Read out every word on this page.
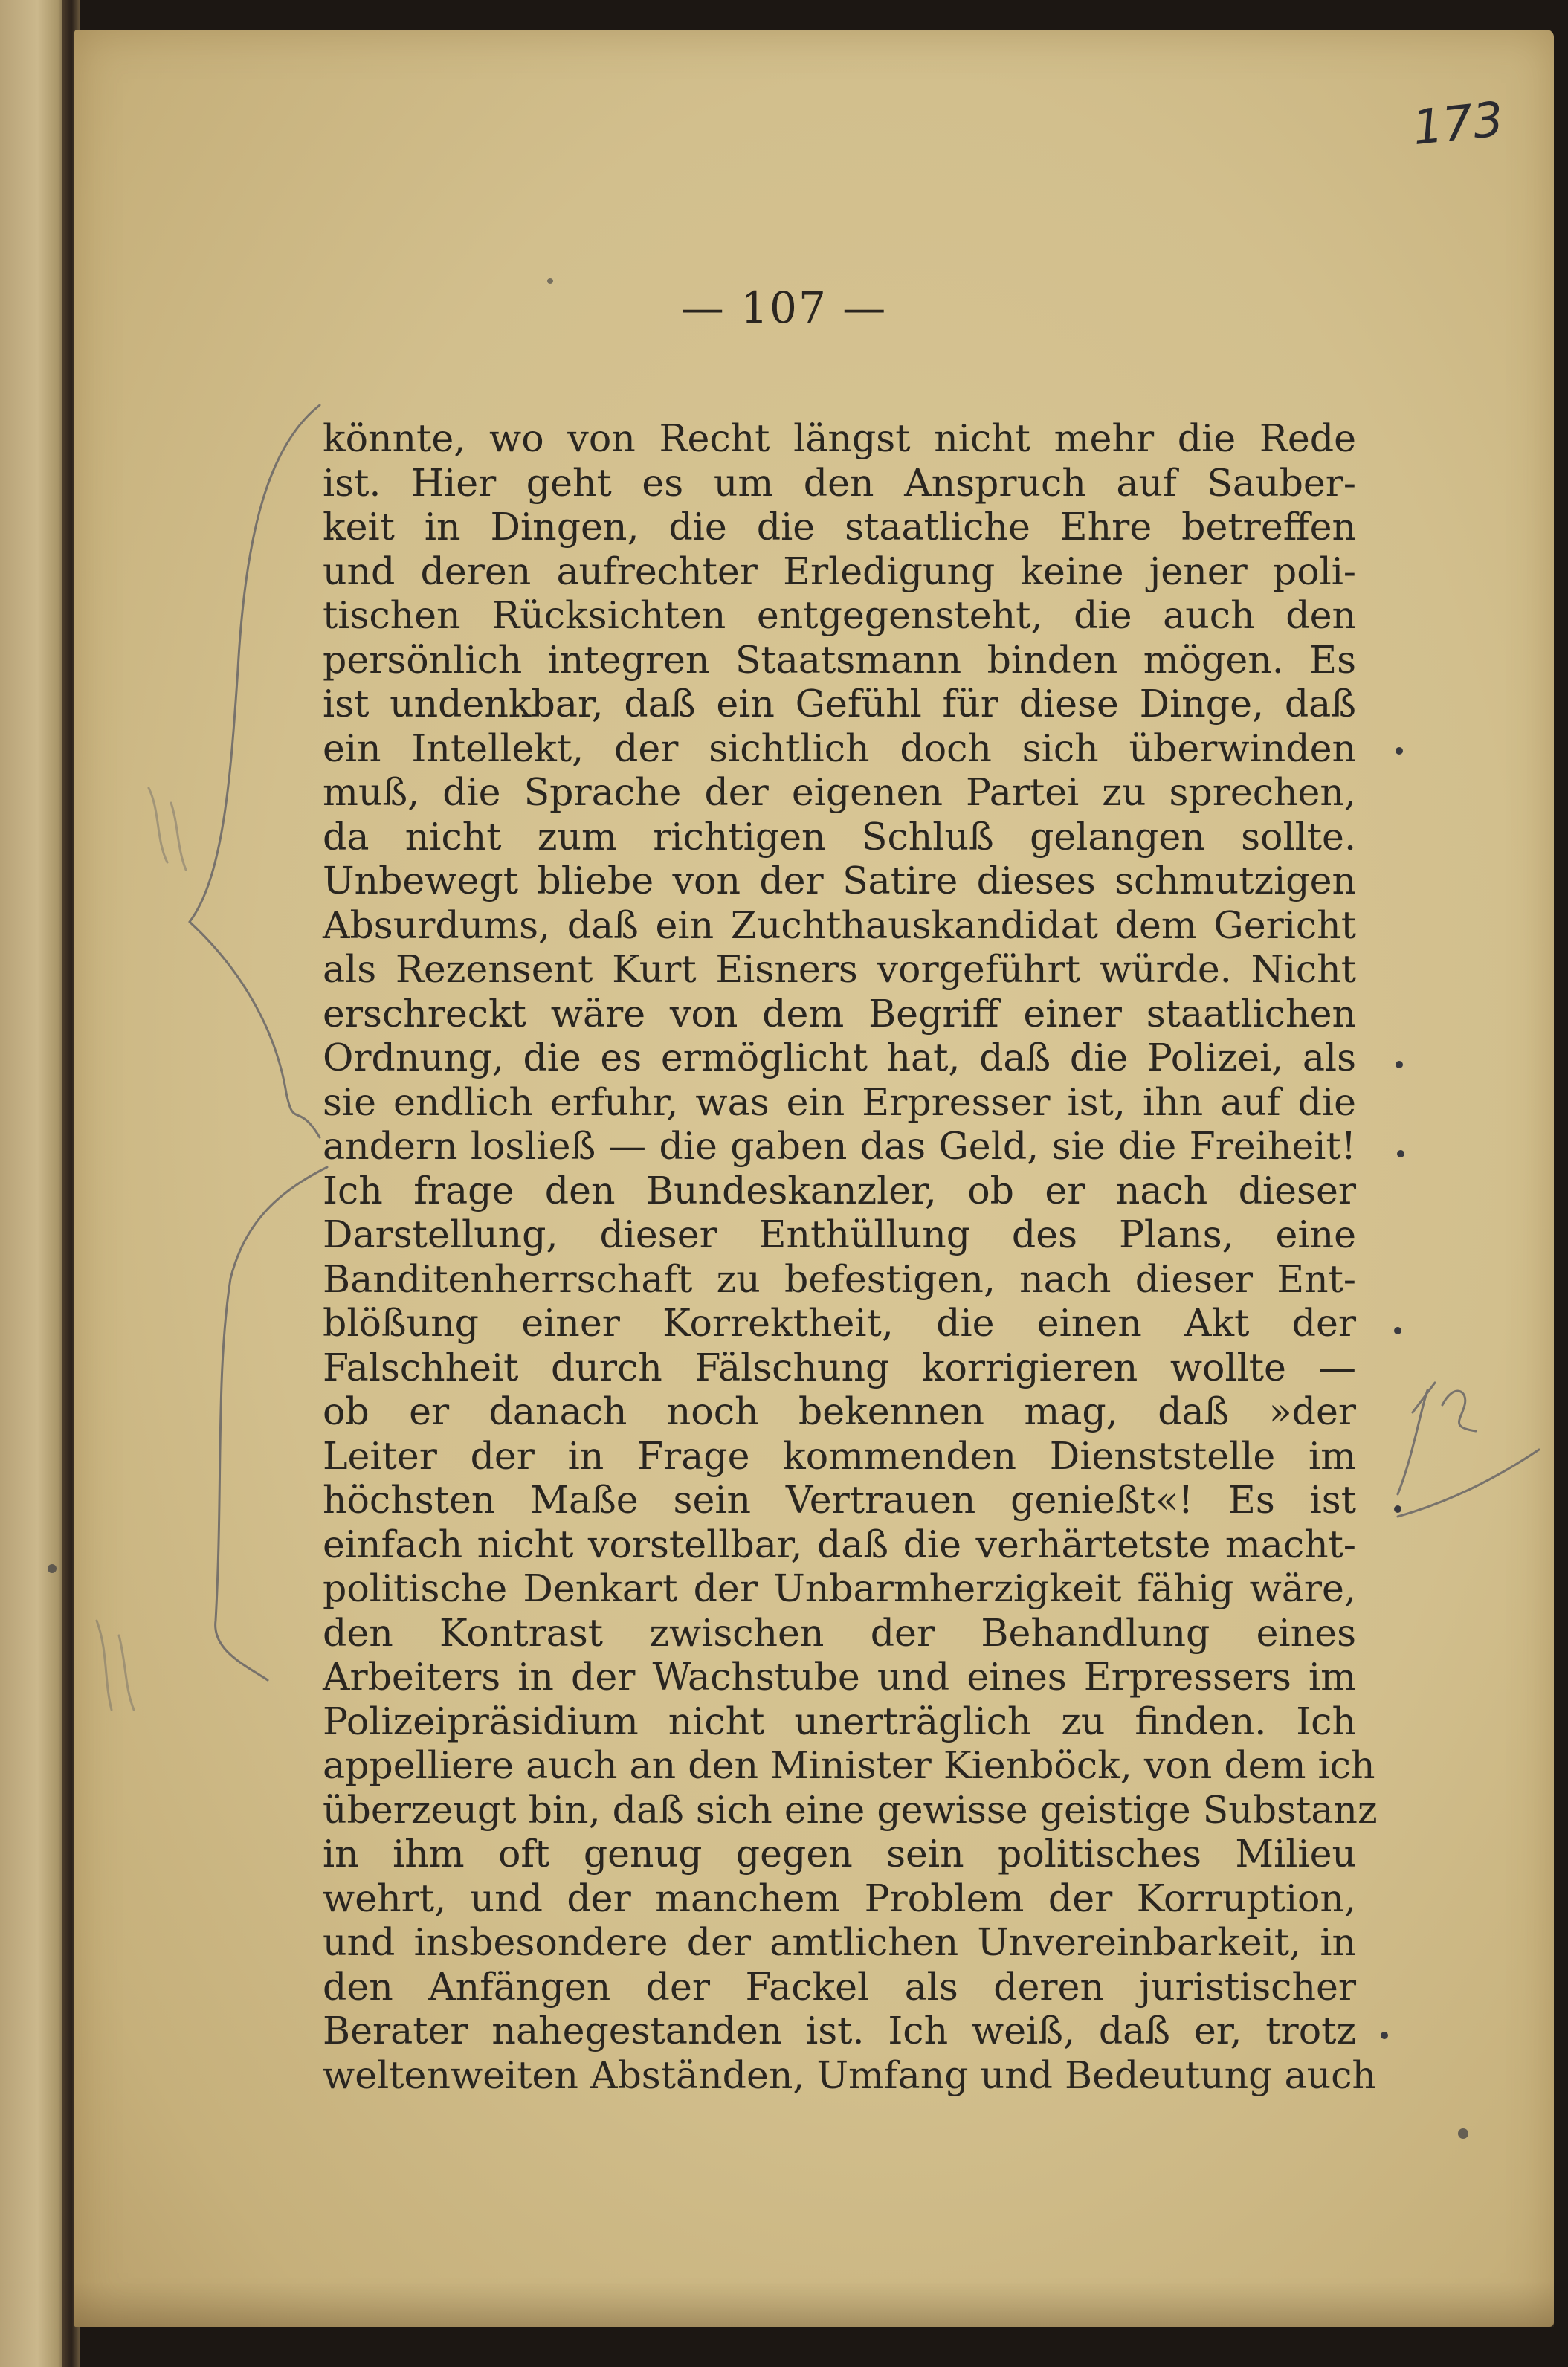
173
— 107 —
könnte, wo von Recht längst nicht mehr die Rede
ist. Hier geht es um den Anspruch auf Sauber-
keit in Dingen, die die staatliche Ehre betreffen
und deren aufrechter Erledigung keine jener poli-
tischen Rücksichten entgegensteht, die auch den
persönlich integren Staatsmann binden mögen. Es
ist undenkbar, daß ein Gefühl für diese Dinge, daß
ein Intellekt, der sichtlich doch sich überwinden
muß, die Sprache der eigenen Partei zu sprechen,
da nicht zum richtigen Schluß gelangen sollte.
Unbewegt bliebe von der Satire dieses schmutzigen
Absurdums, daß ein Zuchthauskandidat dem Gericht
als Rezensent Kurt Eisners vorgeführt würde. Nicht
erschreckt wäre von dem Begriff einer staatlichen
Ordnung, die es ermöglicht hat, daß die Polizei, als
sie endlich erfuhr, was ein Erpresser ist, ihn auf die
andern losließ — die gaben das Geld, sie die Freiheit!
Ich frage den Bundeskanzler, ob er nach dieser
Darstellung, dieser Enthüllung des Plans, eine
Banditenherrschaft zu befestigen, nach dieser Ent-
blößung einer Korrektheit, die einen Akt der
Falschheit durch Fälschung korrigieren wollte —
ob er danach noch bekennen mag, daß »der
Leiter der in Frage kommenden Dienststelle im
höchsten Maße sein Vertrauen genießt«! Es ist
einfach nicht vorstellbar, daß die verhärtetste macht-
politische Denkart der Unbarmherzigkeit fähig wäre,
den Kontrast zwischen der Behandlung eines
Arbeiters in der Wachstube und eines Erpressers im
Polizeipräsidium nicht unerträglich zu finden. Ich
appelliere auch an den Minister Kienböck, von dem ich
überzeugt bin, daß sich eine gewisse geistige Substanz
in ihm oft genug gegen sein politisches Milieu
wehrt, und der manchem Problem der Korruption,
und insbesondere der amtlichen Unvereinbarkeit, in
den Anfängen der Fackel als deren juristischer
Berater nahegestanden ist. Ich weiß, daß er, trotz
weltenweiten Abständen, Umfang und Bedeutung auch
